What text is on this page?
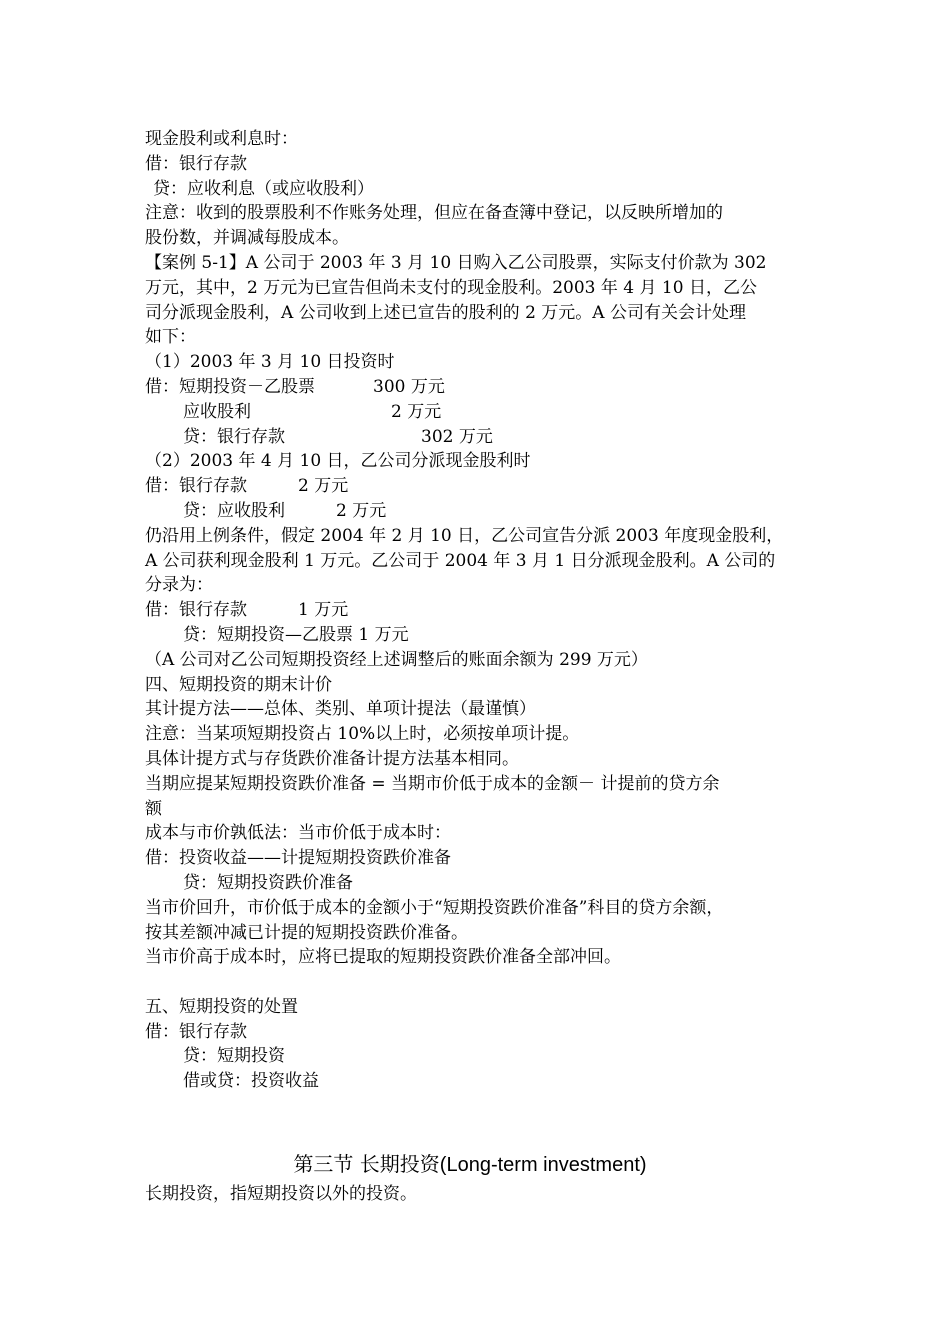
现金股利或利息时：
借：银行存款
贷：应收利息（或应收股利）
注意：收到的股票股利不作账务处理，但应在备查簿中登记，以反映所增加的
股份数，并调减每股成本。
【案例 5-1】A 公司于 2003 年 3 月 10 日购入乙公司股票，实际支付价款为 302
万元，其中，2 万元为已宣告但尚未支付的现金股利。2003 年 4 月 10 日，乙公
司分派现金股利，A 公司收到上述已宣告的股利的 2 万元。A 公司有关会计处理
如下：
（1）2003 年 3 月 10 日投资时
借：短期投资－乙股票	300 万元
应收股利	2 万元
贷：银行存款	302 万元
（2）2003 年 4 月 10 日，乙公司分派现金股利时
借：银行存款	2 万元
贷：应收股利	2 万元
仍沿用上例条件，假定 2004 年 2 月 10 日，乙公司宣告分派 2003 年度现金股利，
A 公司获利现金股利 1 万元。乙公司于 2004 年 3 月 1 日分派现金股利。A 公司的
分录为：
借：银行存款	1 万元
贷：短期投资—乙股票 1 万元
（A 公司对乙公司短期投资经上述调整后的账面余额为 299 万元）
四、短期投资的期末计价
其计提方法——总体、类别、单项计提法（最谨慎）
注意：当某项短期投资占 10%以上时，必须按单项计提。
具体计提方式与存货跌价准备计提方法基本相同。
当期应提某短期投资跌价准备 = 当期市价低于成本的金额－ 计提前的贷方余
额
成本与市价孰低法：当市价低于成本时：
借：投资收益——计提短期投资跌价准备
贷：短期投资跌价准备
当市价回升，市价低于成本的金额小于“短期投资跌价准备”科目的贷方余额，
按其差额冲减已计提的短期投资跌价准备。
当市价高于成本时，应将已提取的短期投资跌价准备全部冲回。
五、短期投资的处置
借：银行存款
贷：短期投资
借或贷：投资收益
第三节 长期投资(Long-term investment)
长期投资，指短期投资以外的投资。
